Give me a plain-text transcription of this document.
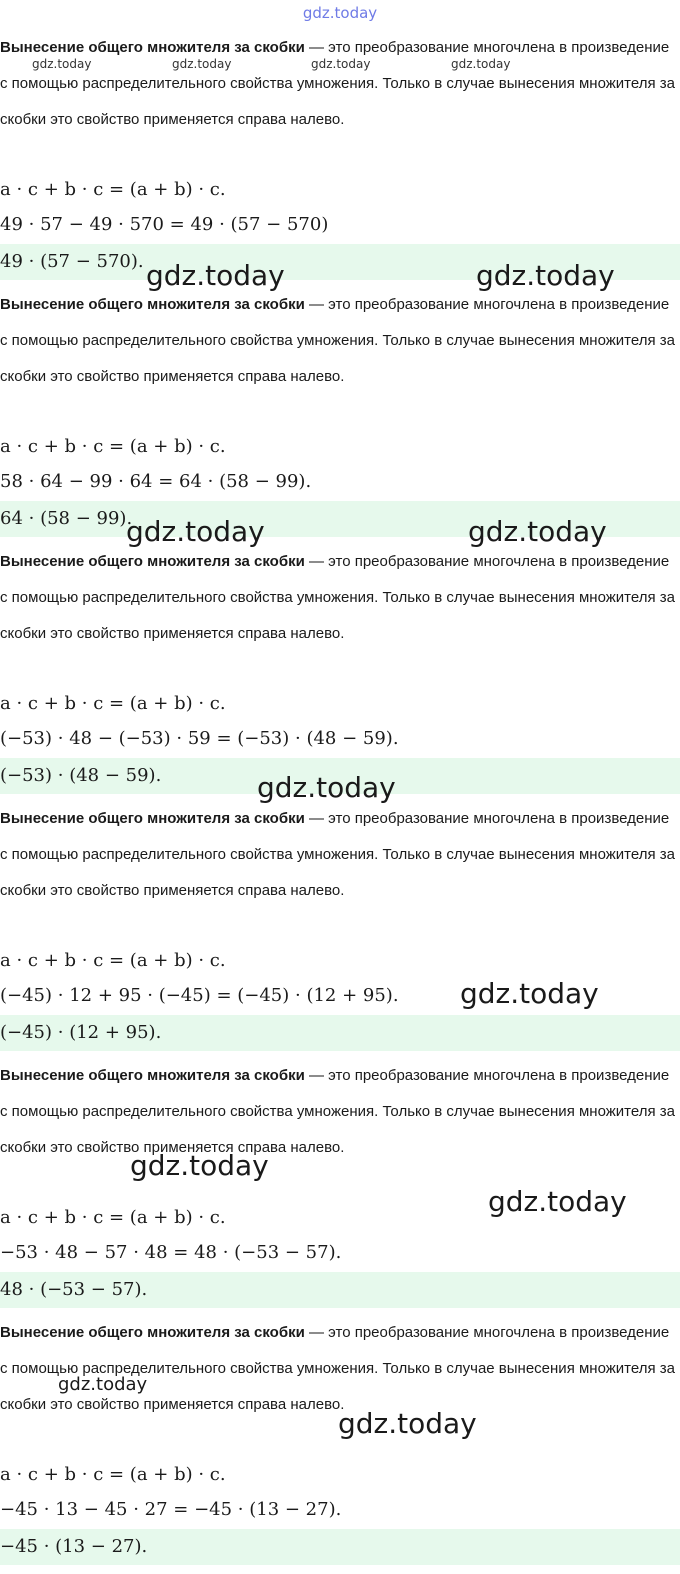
gdz.today

Вынесение общего множителя за скобки — это преобразование многочлена в произведение с помощью распределительного свойства умножения. Только в случае вынесения множителя за скобки это свойство применяется справа налево.

a · c + b · c = (a + b) · c.
49 · 57 − 49 · 570 = 49 · (57 − 570)
49 · (57 − 570).

Вынесение общего множителя за скобки — это преобразование многочлена в произведение с помощью распределительного свойства умножения. Только в случае вынесения множителя за скобки это свойство применяется справа налево.

a · c + b · c = (a + b) · c.
58 · 64 − 99 · 64 = 64 · (58 − 99).
64 · (58 − 99).

Вынесение общего множителя за скобки — это преобразование многочлена в произведение с помощью распределительного свойства умножения. Только в случае вынесения множителя за скобки это свойство применяется справа налево.

a · c + b · c = (a + b) · c.
(−53) · 48 − (−53) · 59 = (−53) · (48 − 59).
(−53) · (48 − 59).

Вынесение общего множителя за скобки — это преобразование многочлена в произведение с помощью распределительного свойства умножения. Только в случае вынесения множителя за скобки это свойство применяется справа налево.

a · c + b · c = (a + b) · c.
(−45) · 12 + 95 · (−45) = (−45) · (12 + 95).
(−45) · (12 + 95).

Вынесение общего множителя за скобки — это преобразование многочлена в произведение с помощью распределительного свойства умножения. Только в случае вынесения множителя за скобки это свойство применяется справа налево.

a · c + b · c = (a + b) · c.
−53 · 48 − 57 · 48 = 48 · (−53 − 57).
48 · (−53 − 57).

Вынесение общего множителя за скобки — это преобразование многочлена в произведение с помощью распределительного свойства умножения. Только в случае вынесения множителя за скобки это свойство применяется справа налево.

a · c + b · c = (a + b) · c.
−45 · 13 − 45 · 27 = −45 · (13 − 27).
−45 · (13 − 27).
gdz.today	gdz.today	gdz.today	gdz.today
gdz.today	gdz.today
gdz.today	gdz.today
gdz.today
gdz.today
gdz.today
gdz.today
gdz.today
gdz.today
